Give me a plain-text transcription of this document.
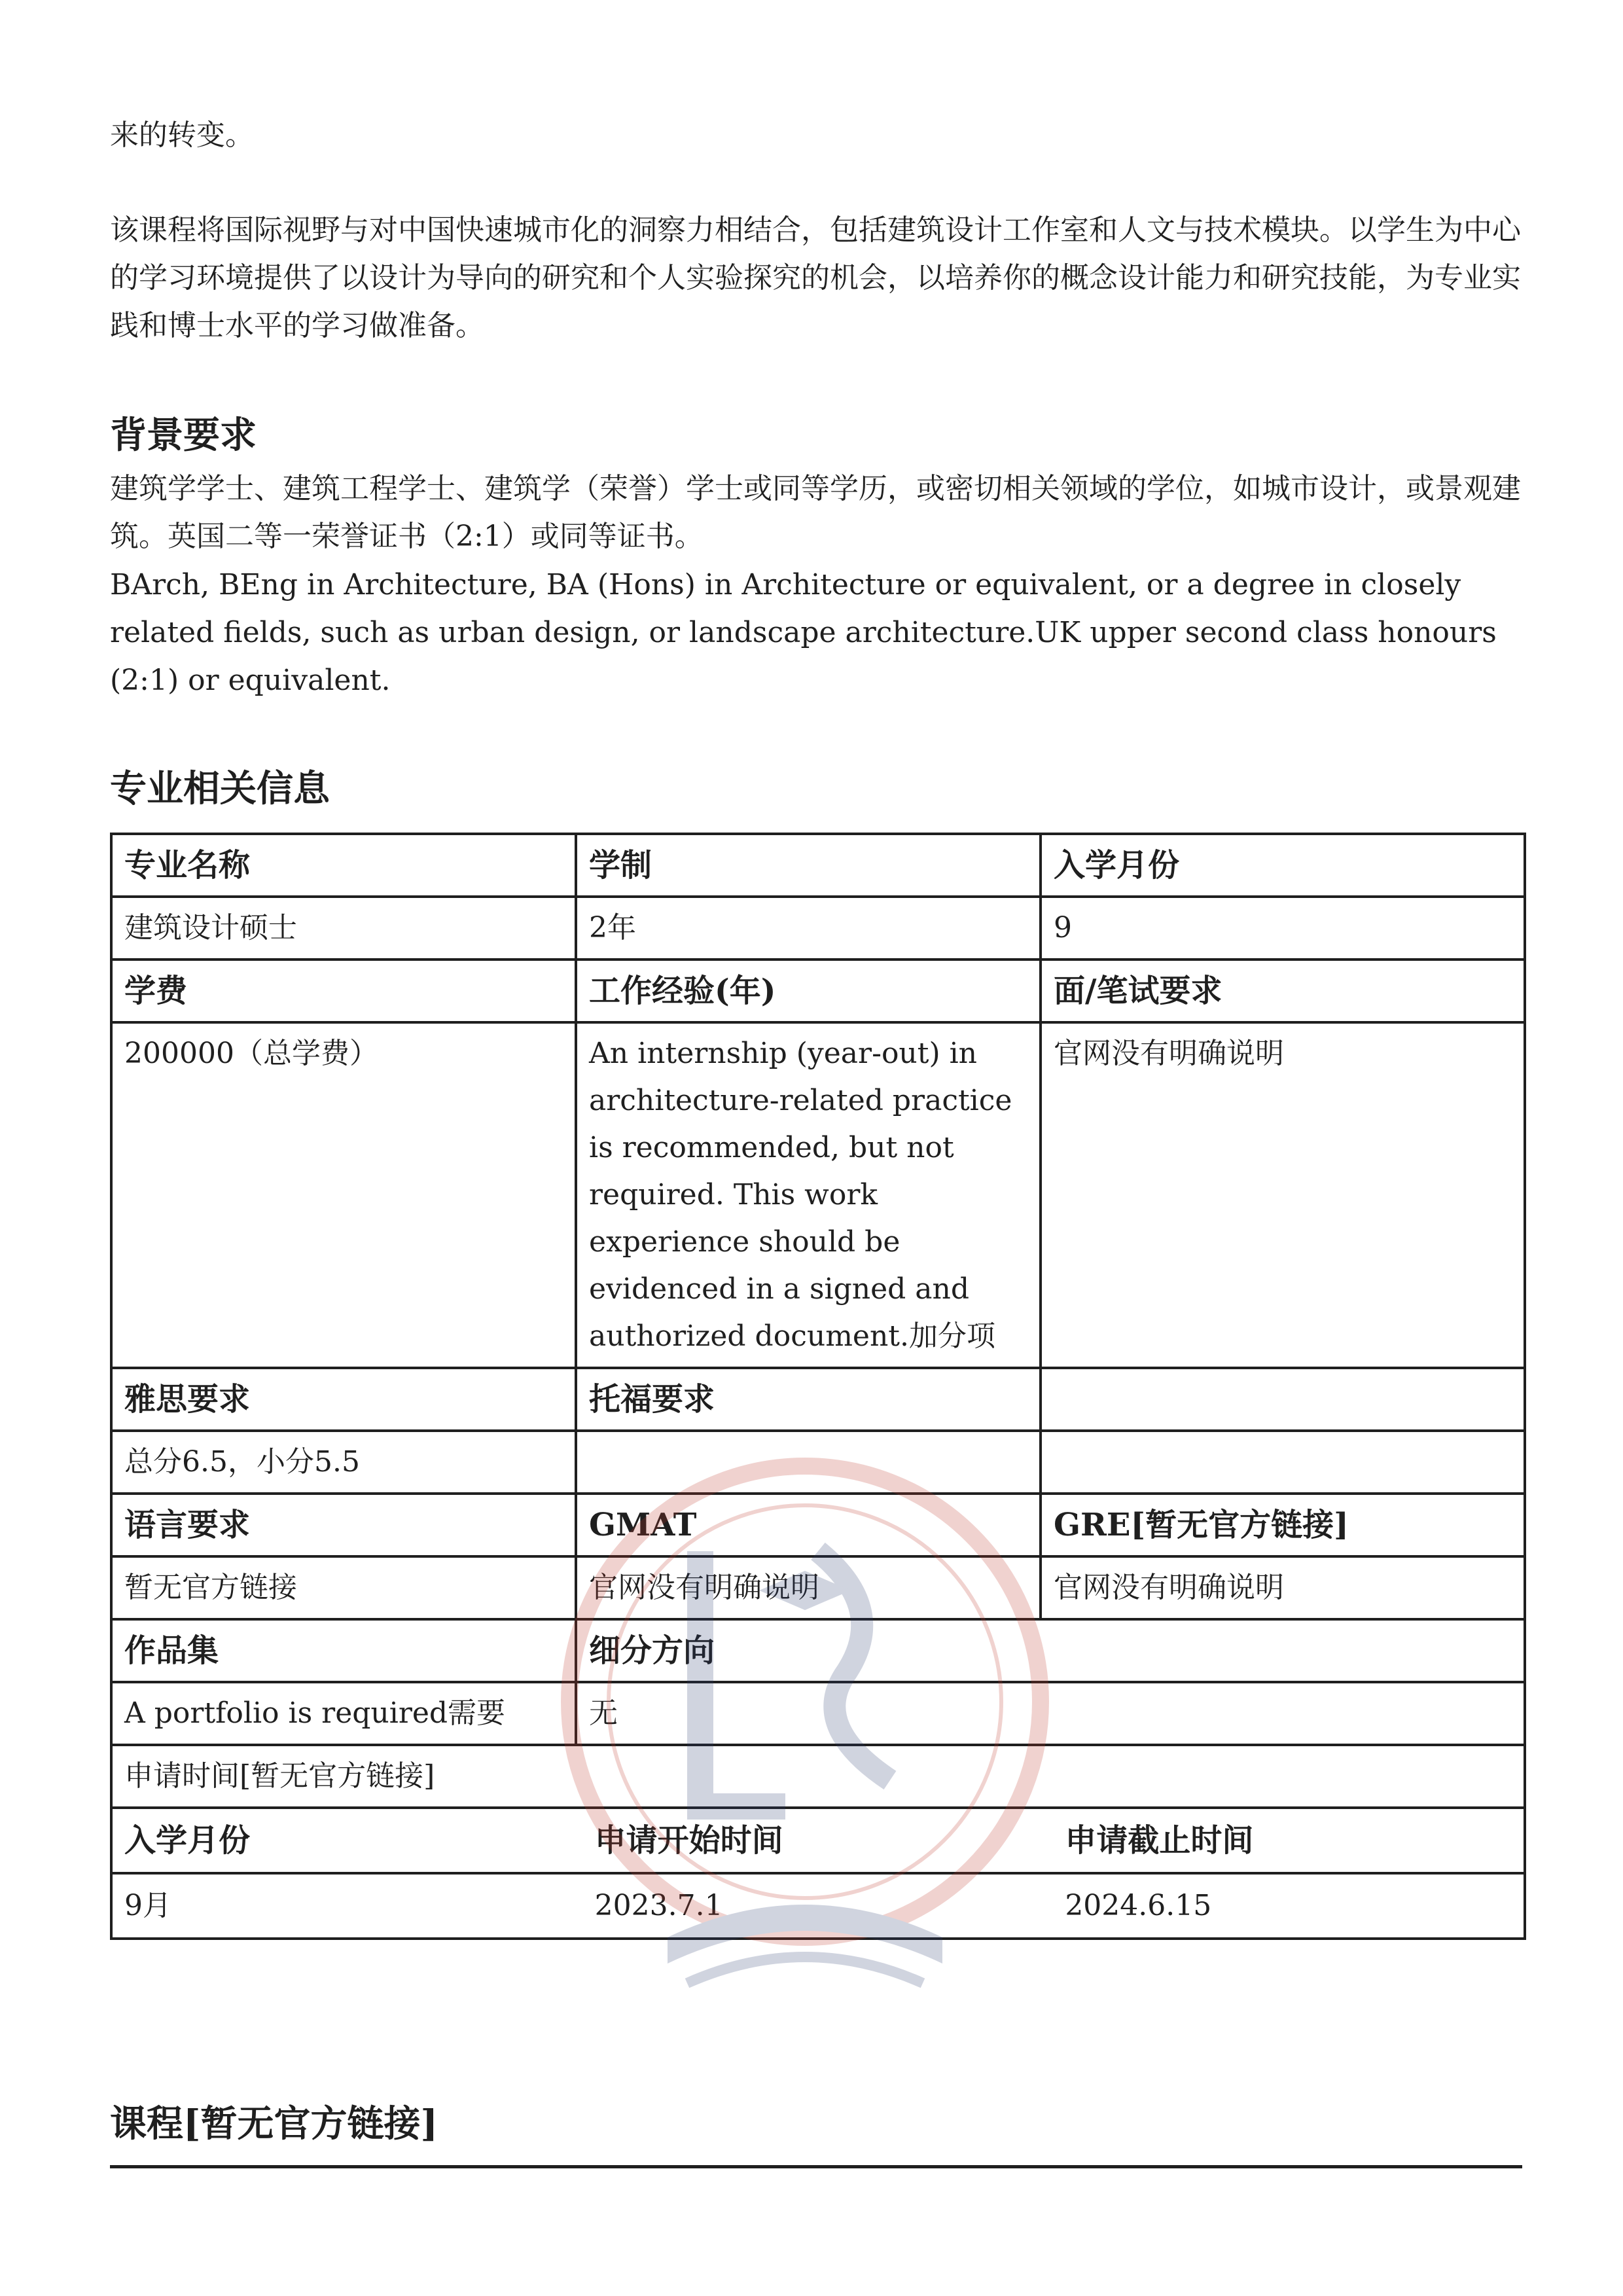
来的转变。

该课程将国际视野与对中国快速城市化的洞察力相结合，包括建筑设计工作室和人文与技术模块。以学生为中心的学习环境提供了以设计为导向的研究和个人实验探究的机会，以培养你的概念设计能力和研究技能，为专业实践和博士水平的学习做准备。

背景要求

建筑学学士、建筑工程学士、建筑学（荣誉）学士或同等学历，或密切相关领域的学位，如城市设计，或景观建筑。英国二等一荣誉证书（2:1）或同等证书。

BArch, BEng in Architecture, BA (Hons) in Architecture or equivalent, or a degree in closely related fields, such as urban design, or landscape architecture.UK upper second class honours (2:1) or equivalent.

专业相关信息
专业名称	学制	入学月份
建筑设计硕士	2年	9
学费	工作经验(年)	面/笔试要求
200000（总学费）	An internship (year-out) in architecture-related practice is recommended, but not required. This work experience should be evidenced in a signed and authorized document.加分项	官网没有明确说明
雅思要求	托福要求	
总分6.5，小分5.5		
语言要求	GMAT	GRE[暂无官方链接]
暂无官方链接	官网没有明确说明	官网没有明确说明
作品集	细分方向
A portfolio is required需要	无
申请时间[暂无官方链接]

入学月份	申请开始时间	申请截止时间
9月	2023.7.1	2024.6.15
课程[暂无官方链接]
